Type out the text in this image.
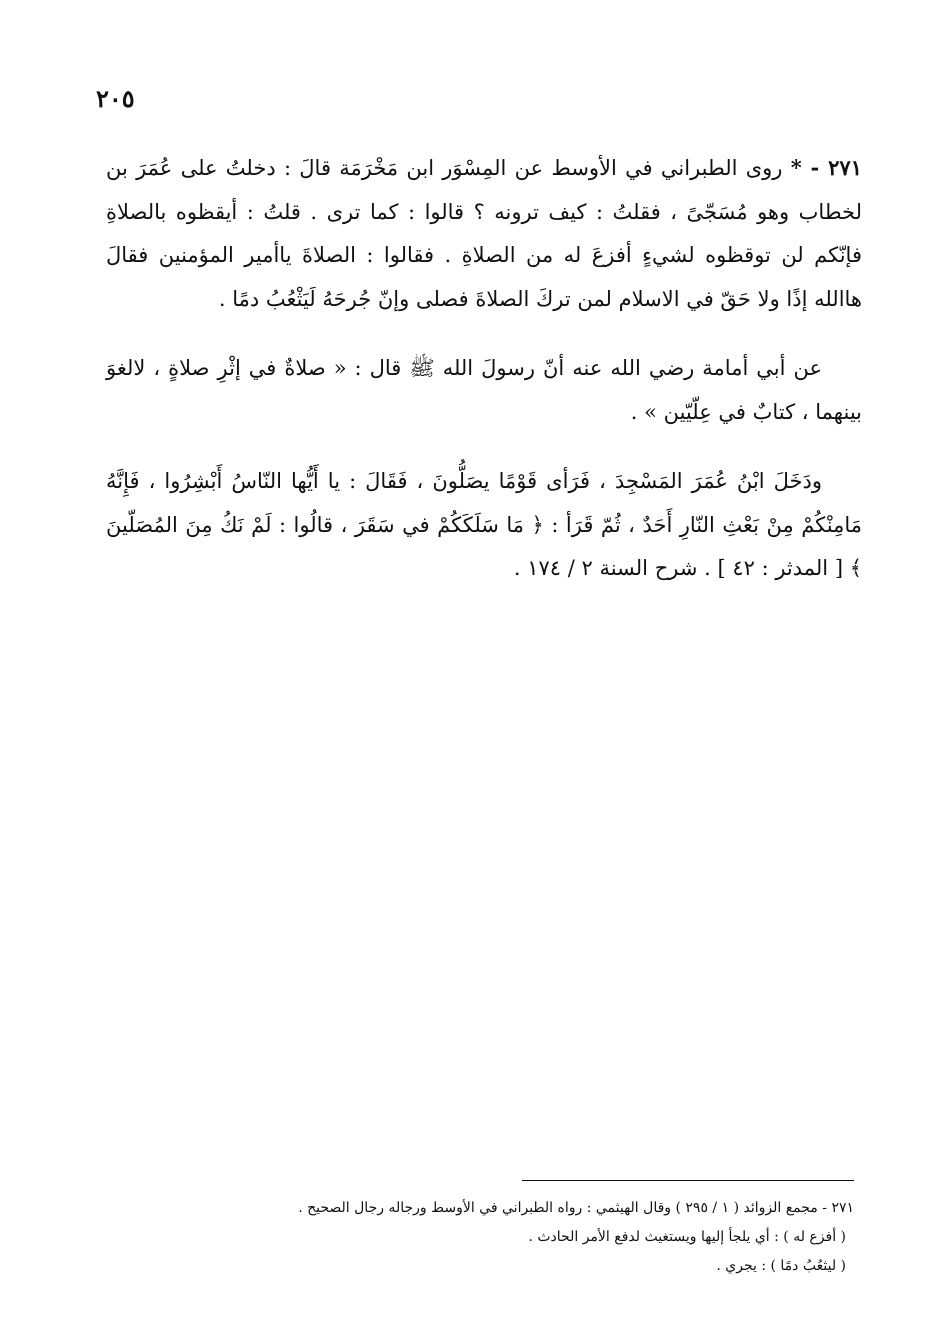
٢٠٥

٢٧١ - * روى الطبراني في الأوسط عن المِسْوَر ابن مَخْرَمَة قالَ : دخلتُ على عُمَرَ بن لخطاب وهو مُسَجّىً ، فقلتُ : كيف ترونه ؟ قالوا : كما ترى . قلتُ : أيقظوه بالصلاةِ فإنّكم لن توقظوه لشيءٍ أفزعَ له من الصلاةِ . فقالوا : الصلاةَ ياأمير المؤمنين فقالَ هاالله إذًا ولا حَقّ في الاسلام لمن تركَ الصلاةَ فصلى وإنّ جُرحَهُ لَيَثْعُبُ دمًا .

عن أبي أمامة رضي الله عنه أنّ رسولَ الله ﷺ قال : « صلاةٌ في إثْرِ صلاةٍ ، لالغوَ بينهما ، كتابٌ في عِلّيّين » .

ودَخَلَ ابْنُ عُمَرَ المَسْجِدَ ، فَرَأى قَوْمًا يصَلُّونَ ، فَقَالَ : يا أَيُّها النّاسُ أَبْشِرُوا ، فَإِنَّهُ مَامِنْكُمْ مِنْ بَعْثِ النّارِ أَحَدٌ ، ثُمّ قَرَأ : ﴿ مَا سَلَكَكُمْ في سَقَرَ ، قالُوا : لَمْ نَكُ مِنَ المُصَلّينَ ﴾ [ المدثر : ٤٢ ] . شرح السنة ٢ / ١٧٤ .

٢٧١ - مجمع الزوائد ( ١ / ٢٩٥ ) وقال الهيثمي : رواه الطبراني في الأوسط ورجاله رجال الصحيح .

( أفزع له ) : أي يلجأ إليها ويستغيث لدفع الأمر الحادث .

( ليثعُبُ دمًا ) : يجري .
